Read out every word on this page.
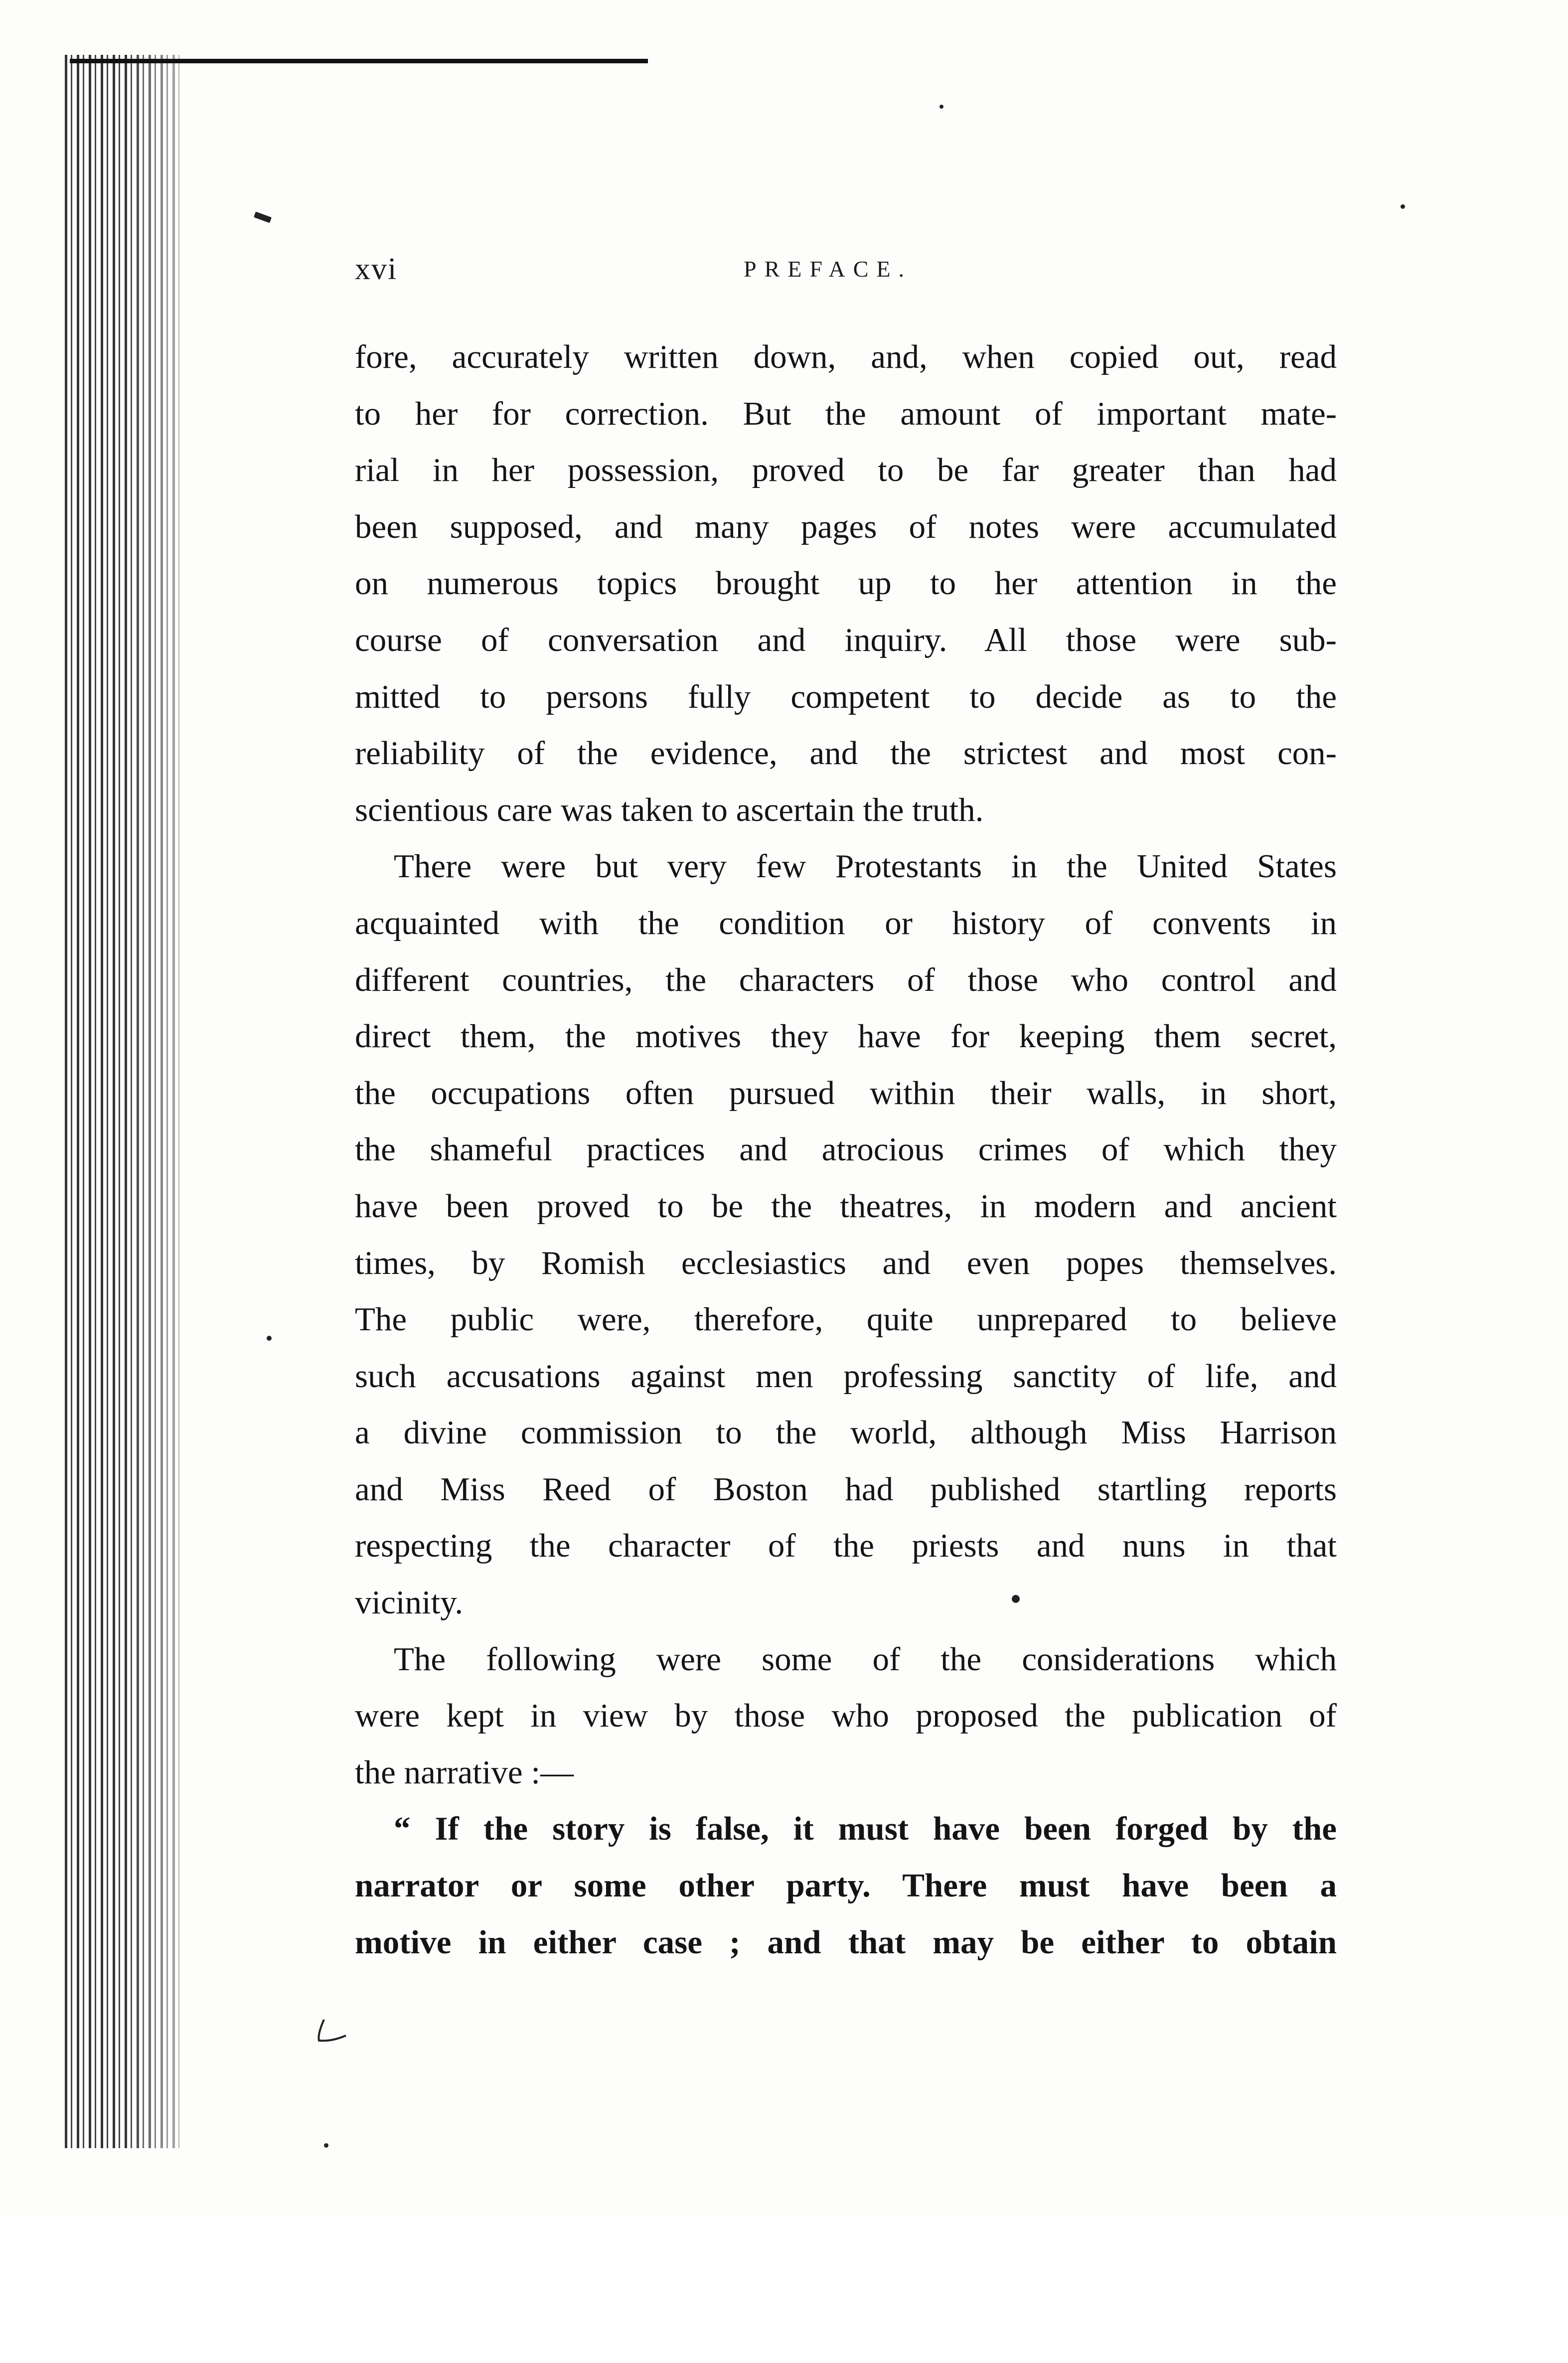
xvi	PREFACE.
fore, accurately written down, and, when copied out, read
to her for correction. But the amount of important mate-
rial in her possession, proved to be far greater than had
been supposed, and many pages of notes were accumulated
on numerous topics brought up to her attention in the
course of conversation and inquiry. All those were sub-
mitted to persons fully competent to decide as to the
reliability of the evidence, and the strictest and most con-
scientious care was taken to ascertain the truth.
There were but very few Protestants in the United States
acquainted with the condition or history of convents in
different countries, the characters of those who control and
direct them, the motives they have for keeping them secret,
the occupations often pursued within their walls, in short,
the shameful practices and atrocious crimes of which they
have been proved to be the theatres, in modern and ancient
times, by Romish ecclesiastics and even popes themselves.
The public were, therefore, quite unprepared to believe
such accusations against men professing sanctity of life, and
a divine commission to the world, although Miss Harrison
and Miss Reed of Boston had published startling reports
respecting the character of the priests and nuns in that
vicinity.
The following were some of the considerations which
were kept in view by those who proposed the publication of
the narrative :—
“ If the story is false, it must have been forged by the
narrator or some other party. There must have been a
motive in either case ; and that may be either to obtain
